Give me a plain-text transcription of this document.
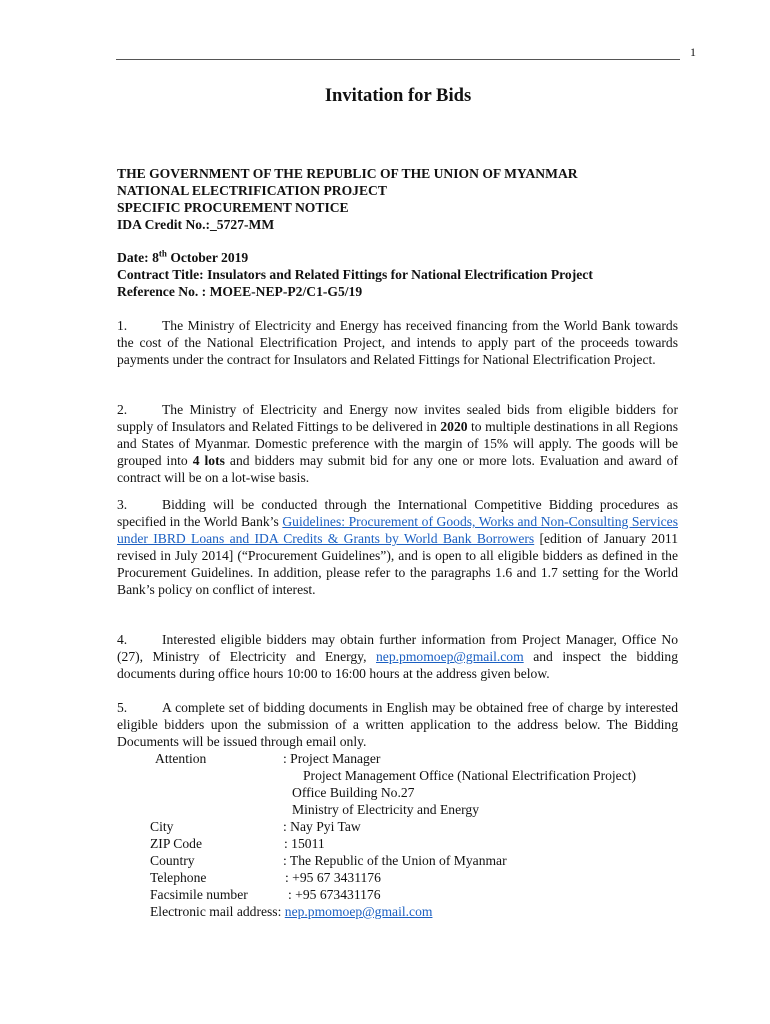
1
Invitation for Bids
THE GOVERNMENT OF THE REPUBLIC OF THE UNION OF MYANMAR
NATIONAL ELECTRIFICATION PROJECT
SPECIFIC PROCUREMENT NOTICE
IDA Credit No.:_5727-MM
Date: 8th October 2019
Contract Title: Insulators and Related Fittings for National Electrification Project
Reference No. : MOEE-NEP-P2/C1-G5/19

1.	The Ministry of Electricity and Energy has received financing from the World Bank towards the cost of the National Electrification Project, and intends to apply part of the proceeds towards payments under the contract for Insulators and Related Fittings for National Electrification Project.

2.	The Ministry of Electricity and Energy now invites sealed bids from eligible bidders for supply of Insulators and Related Fittings to be delivered in 2020 to multiple destinations in all Regions and States of Myanmar. Domestic preference with the margin of 15% will apply. The goods will be grouped into 4 lots and bidders may submit bid for any one or more lots. Evaluation and award of contract will be on a lot-wise basis.

3.	Bidding will be conducted through the International Competitive Bidding procedures as specified in the World Bank’s Guidelines: Procurement of Goods, Works and Non-Consulting Services under IBRD Loans and IDA Credits & Grants by World Bank Borrowers [edition of January 2011 revised in July 2014] (“Procurement Guidelines”), and is open to all eligible bidders as defined in the Procurement Guidelines. In addition, please refer to the paragraphs 1.6 and 1.7 setting for the World Bank’s policy on conflict of interest.

4.	Interested eligible bidders may obtain further information from Project Manager, Office No (27), Ministry of Electricity and Energy, nep.pmomoep@gmail.com and inspect the bidding documents during office hours 10:00 to 16:00 hours at the address given below.

5.	A complete set of bidding documents in English may be obtained free of charge by interested eligible bidders upon the submission of a written application to the address below. The Bidding Documents will be issued through email only.

Attention	: Project Manager
Project Management Office (National Electrification Project)
Office Building No.27
Ministry of Electricity and Energy
City	: Nay Pyi Taw
ZIP Code	: 15011
Country	: The Republic of the Union of Myanmar
Telephone	: +95 67 3431176
Facsimile number	: +95 673431176
Electronic mail address: nep.pmomoep@gmail.com
